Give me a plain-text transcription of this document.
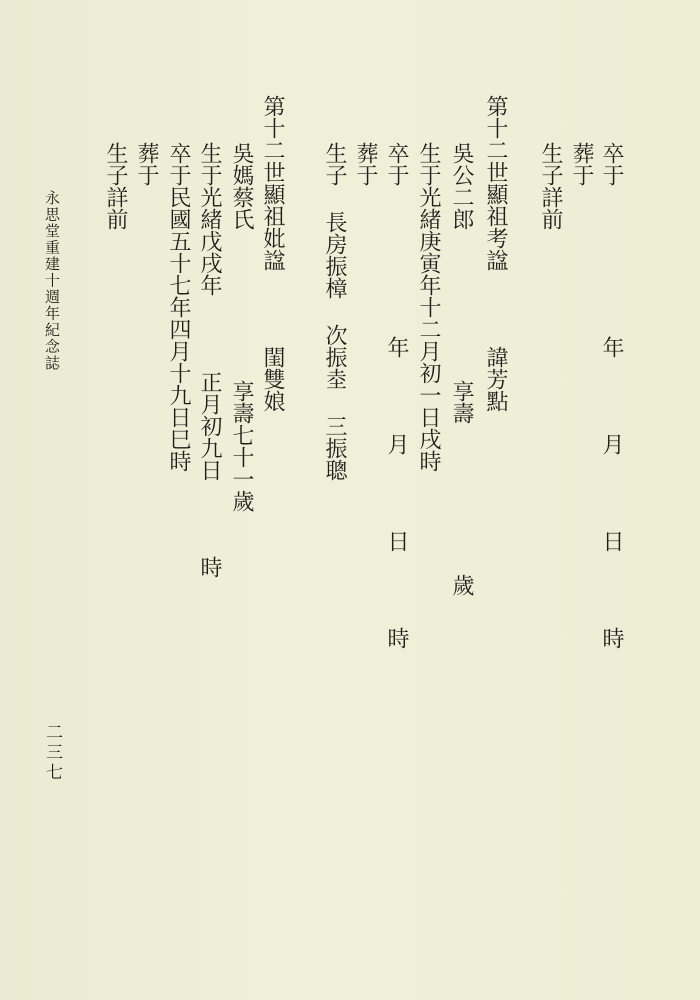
卒于      年   月   日   時
葬于
生子詳前
第十二世顯祖考諡   諱芳點
吳公二郎      享壽      歲
生于光緒庚寅年十二月初一日戌時
卒于      年   月   日   時
葬于
生子 長房振樟 次振坴 三振聰
第十二世顯祖妣諡   閨雙娘
吳媽蔡氏      享壽七十一歲
生于光緒戊戌年   正月初九日   時
卒于民國五十七年四月十九日巳時
葬于
生子詳前
永思堂重建十週年紀念誌
二三七
